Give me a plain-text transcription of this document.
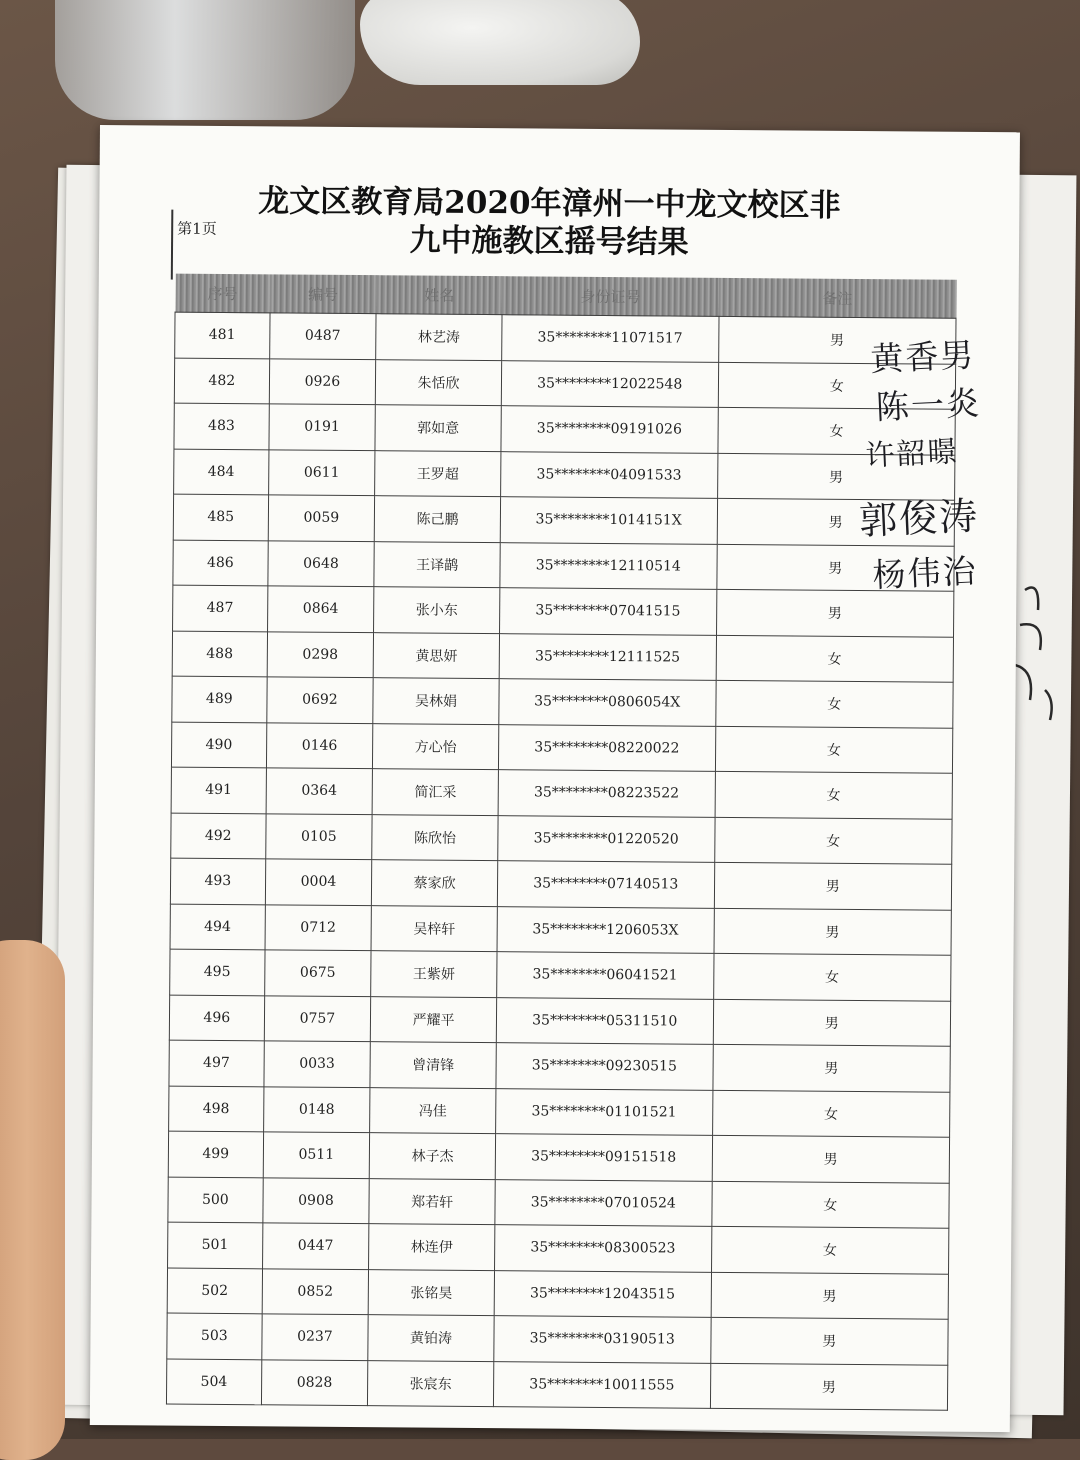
第1页
龙文区教育局2020年漳州一中龙文校区非
九中施教区摇号结果
序号	编号	姓名	身份证号	备注
481	0487	林艺涛	35********11071517	男
482	0926	朱恬欣	35********12022548	女
483	0191	郭如意	35********09191026	女
484	0611	王罗超	35********04091533	男
485	0059	陈己鹏	35********1014151X	男
486	0648	王译鹋	35********12110514	男
487	0864	张小东	35********07041515	男
488	0298	黄思妍	35********12111525	女
489	0692	吴林娟	35********0806054X	女
490	0146	方心怡	35********08220022	女
491	0364	简汇采	35********08223522	女
492	0105	陈欣怡	35********01220520	女
493	0004	蔡家欣	35********07140513	男
494	0712	吴梓轩	35********1206053X	男
495	0675	王紫妍	35********06041521	女
496	0757	严耀平	35********05311510	男
497	0033	曾清锋	35********09230515	男
498	0148	冯佳	35********01101521	女
499	0511	林子杰	35********09151518	男
500	0908	郑若轩	35********07010524	女
501	0447	林连伊	35********08300523	女
502	0852	张铭昊	35********12043515	男
503	0237	黄铂涛	35********03190513	男
504	0828	张宸东	35********10011555	男
黄香男
陈一炎
许韶暻
郭俊涛
杨伟治
